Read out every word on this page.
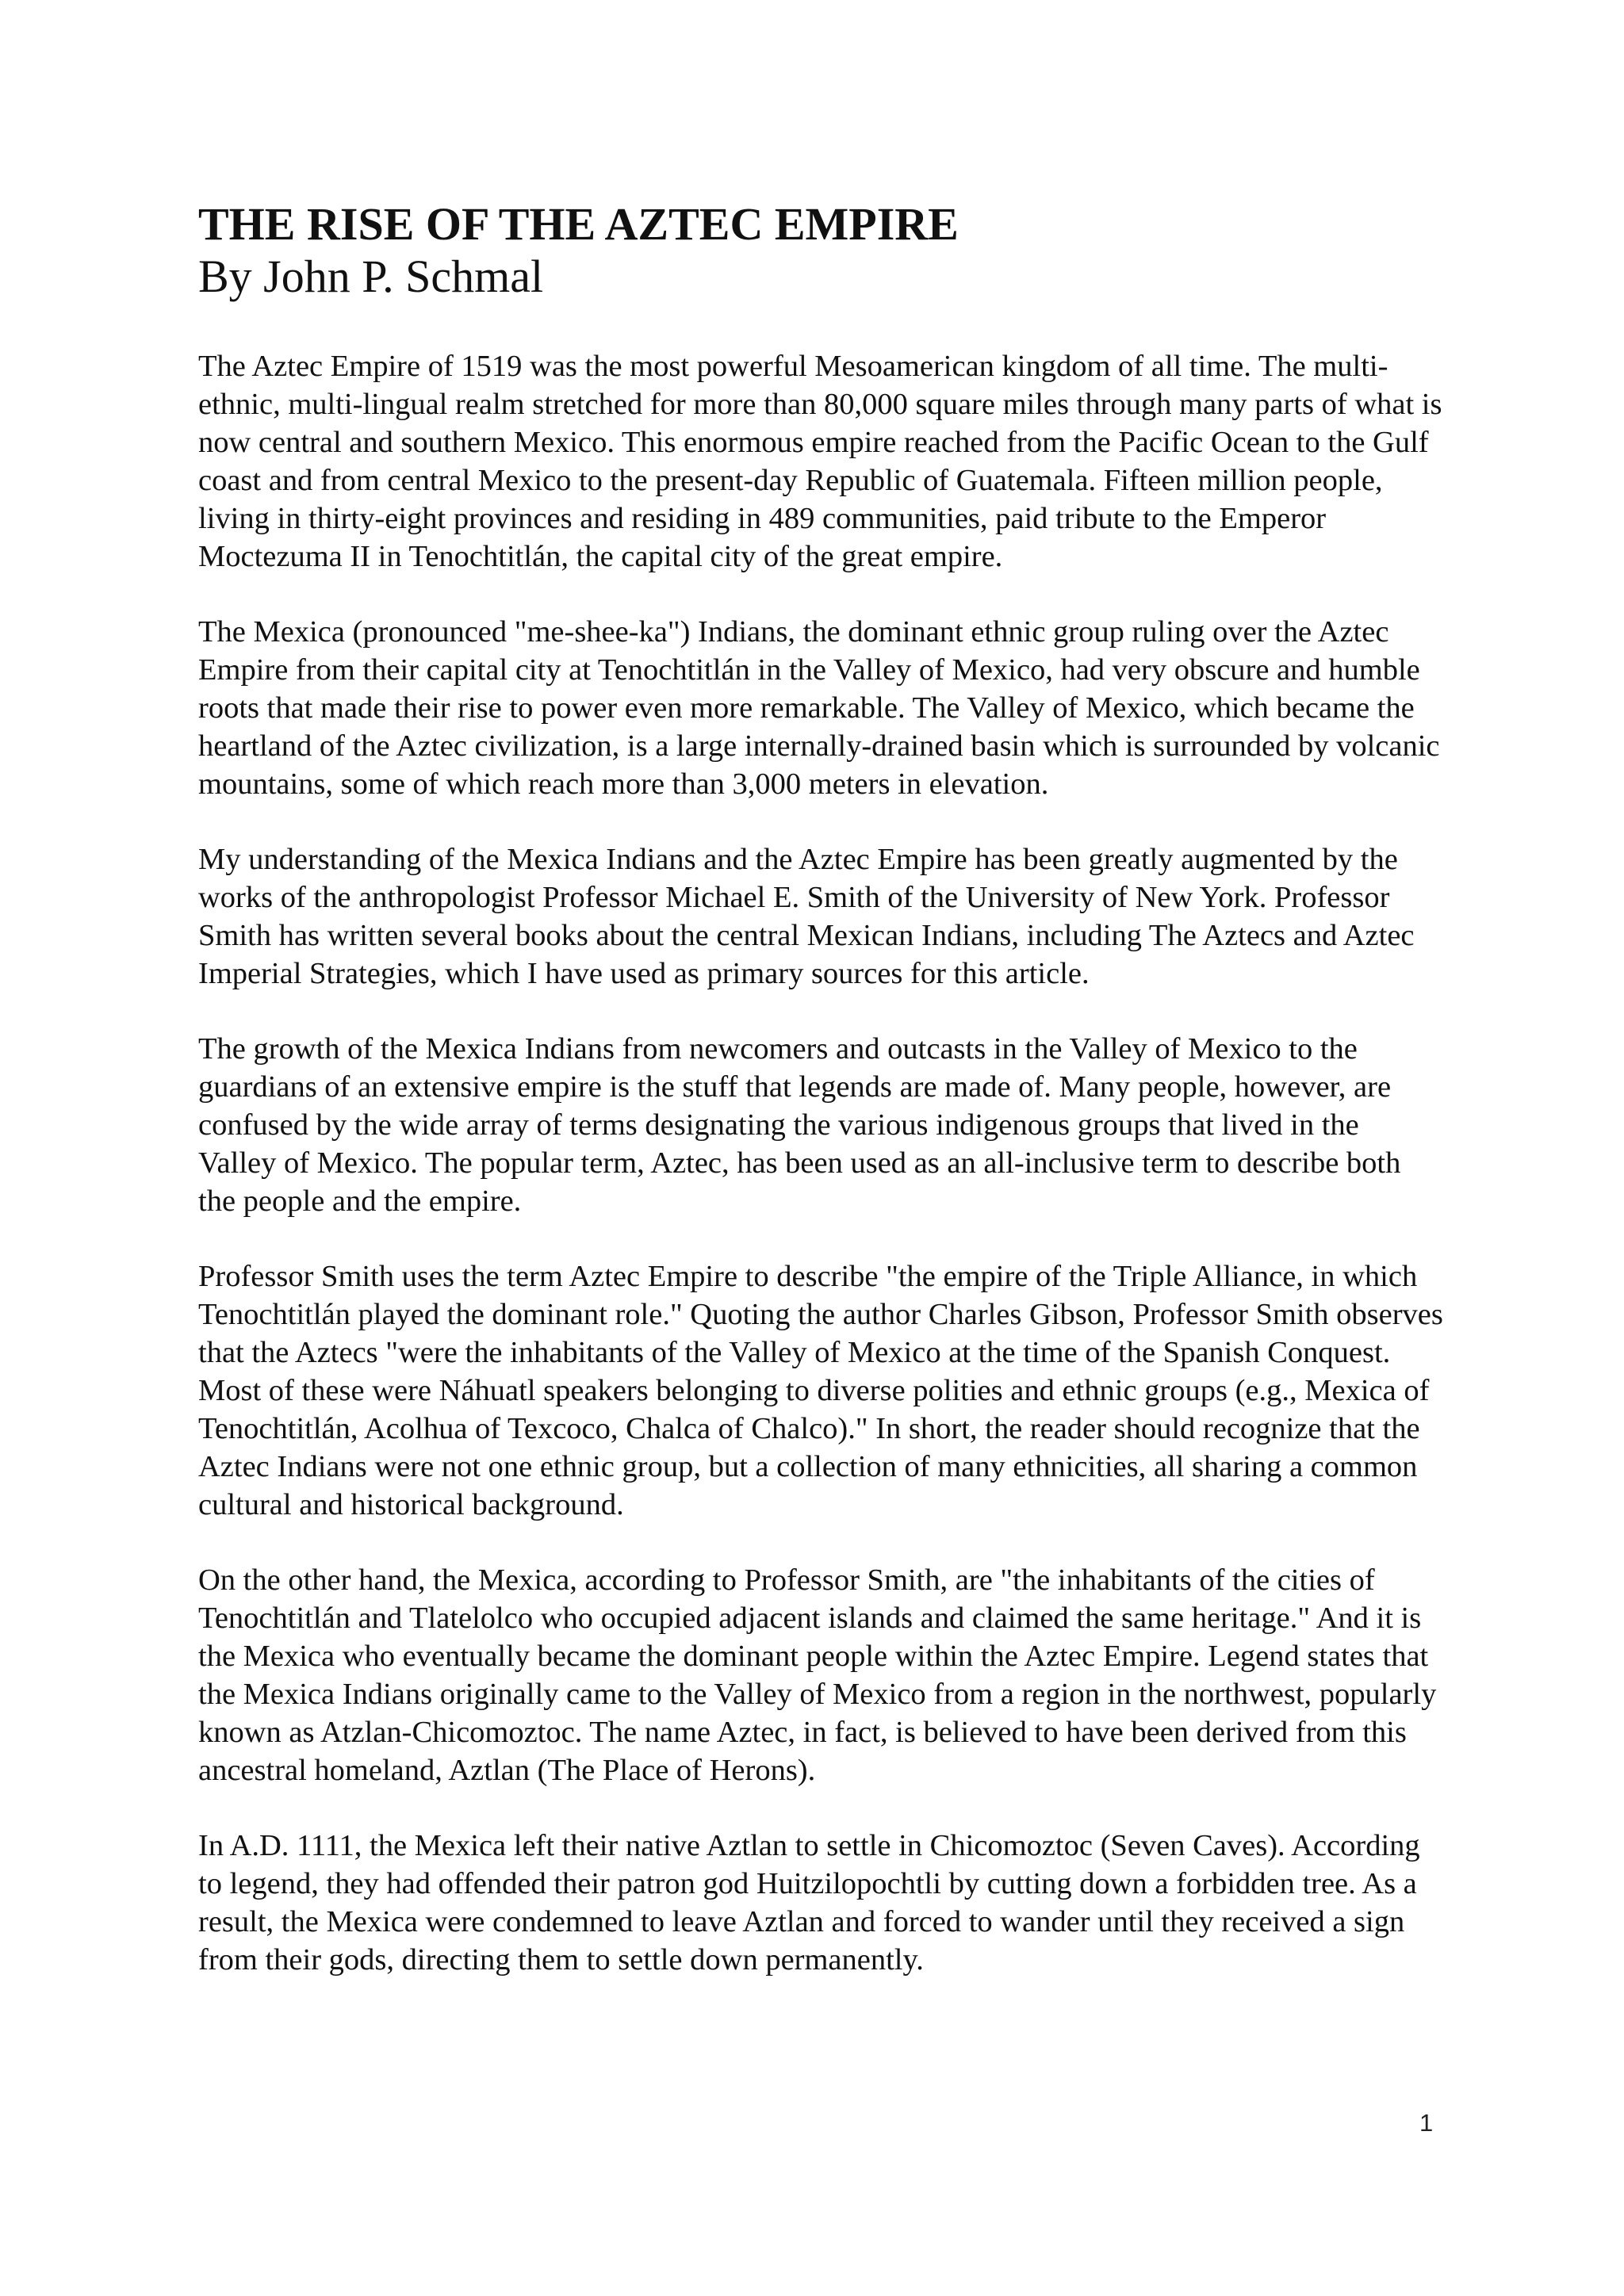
THE RISE OF THE AZTEC EMPIRE

By John P. Schmal

The Aztec Empire of 1519 was the most powerful Mesoamerican kingdom of all time. The multi-ethnic, multi-lingual realm stretched for more than 80,000 square miles through many parts of what is now central and southern Mexico. This enormous empire reached from the Pacific Ocean to the Gulf coast and from central Mexico to the present-day Republic of Guatemala. Fifteen million people, living in thirty-eight provinces and residing in 489 communities, paid tribute to the Emperor Moctezuma II in Tenochtitlán, the capital city of the great empire.

The Mexica (pronounced "me-shee-ka") Indians, the dominant ethnic group ruling over the Aztec Empire from their capital city at Tenochtitlán in the Valley of Mexico, had very obscure and humble roots that made their rise to power even more remarkable. The Valley of Mexico, which became the heartland of the Aztec civilization, is a large internally-drained basin which is surrounded by volcanic mountains, some of which reach more than 3,000 meters in elevation.

My understanding of the Mexica Indians and the Aztec Empire has been greatly augmented by the works of the anthropologist Professor Michael E. Smith of the University of New York. Professor Smith has written several books about the central Mexican Indians, including The Aztecs and Aztec Imperial Strategies, which I have used as primary sources for this article.

The growth of the Mexica Indians from newcomers and outcasts in the Valley of Mexico to the guardians of an extensive empire is the stuff that legends are made of. Many people, however, are confused by the wide array of terms designating the various indigenous groups that lived in the Valley of Mexico. The popular term, Aztec, has been used as an all-inclusive term to describe both the people and the empire.

Professor Smith uses the term Aztec Empire to describe "the empire of the Triple Alliance, in which Tenochtitlán played the dominant role." Quoting the author Charles Gibson, Professor Smith observes that the Aztecs "were the inhabitants of the Valley of Mexico at the time of the Spanish Conquest. Most of these were Náhuatl speakers belonging to diverse polities and ethnic groups (e.g., Mexica of Tenochtitlán, Acolhua of Texcoco, Chalca of Chalco)." In short, the reader should recognize that the Aztec Indians were not one ethnic group, but a collection of many ethnicities, all sharing a common cultural and historical background.

On the other hand, the Mexica, according to Professor Smith, are "the inhabitants of the cities of Tenochtitlán and Tlatelolco who occupied adjacent islands and claimed the same heritage." And it is the Mexica who eventually became the dominant people within the Aztec Empire. Legend states that the Mexica Indians originally came to the Valley of Mexico from a region in the northwest, popularly known as Atzlan-Chicomoztoc. The name Aztec, in fact, is believed to have been derived from this ancestral homeland, Aztlan (The Place of Herons).

In A.D. 1111, the Mexica left their native Aztlan to settle in Chicomoztoc (Seven Caves). According to legend, they had offended their patron god Huitzilopochtli by cutting down a forbidden tree. As a result, the Mexica were condemned to leave Aztlan and forced to wander until they received a sign from their gods, directing them to settle down permanently.

1
